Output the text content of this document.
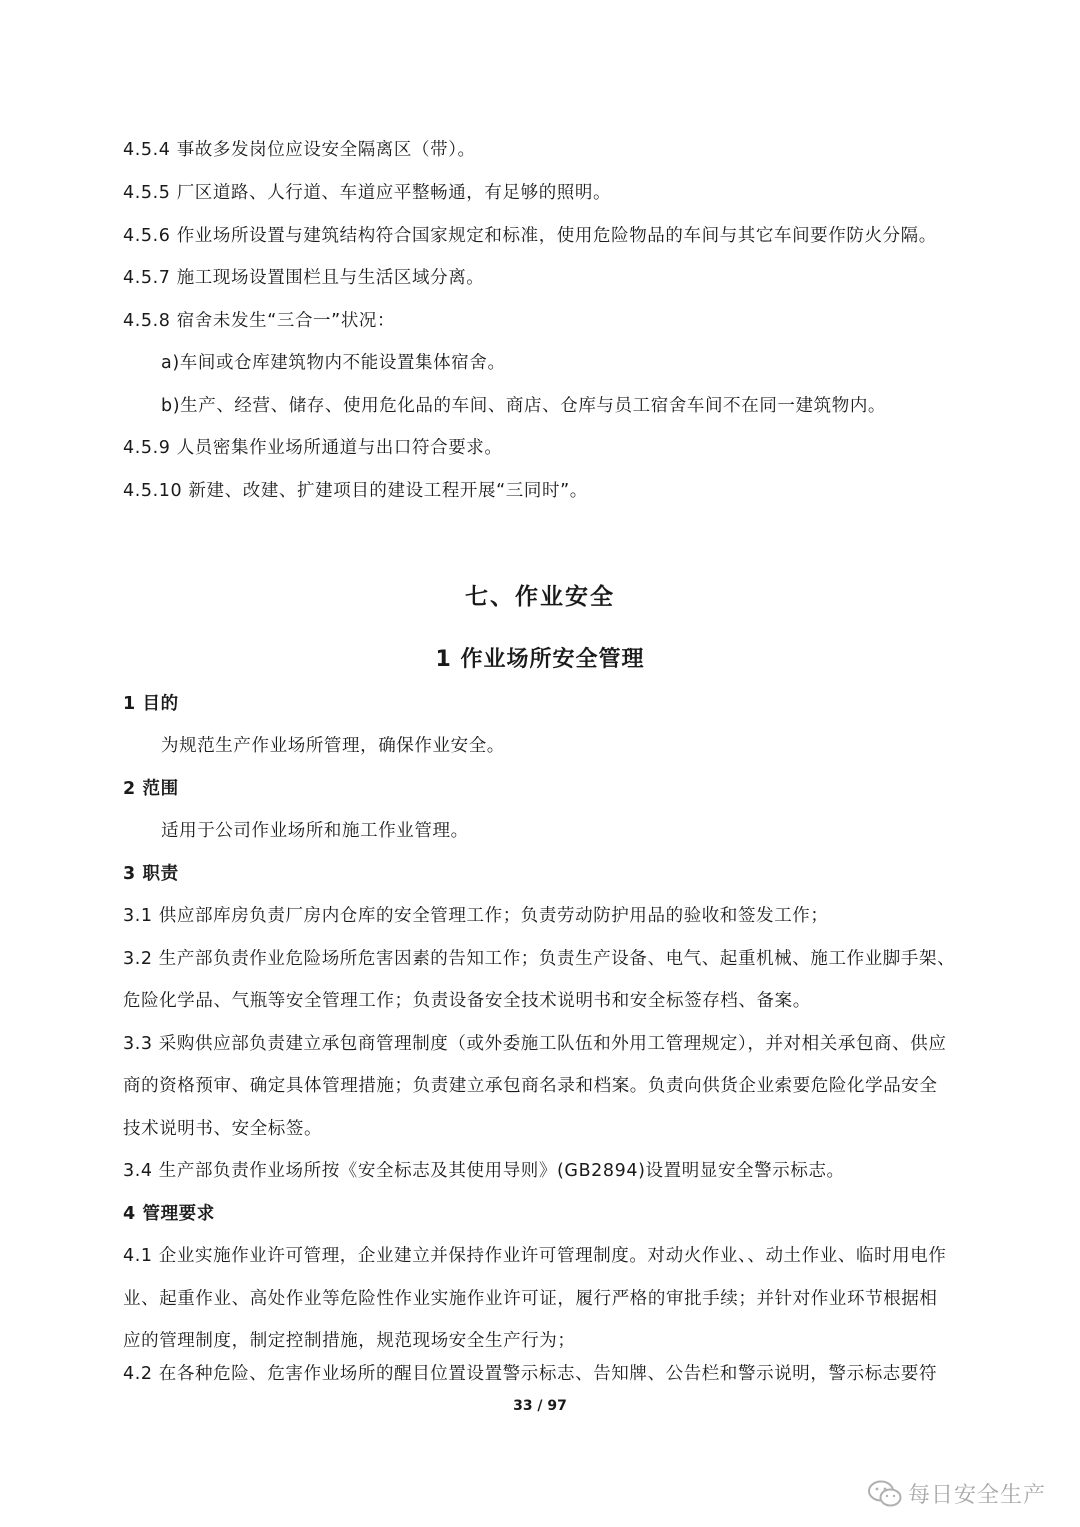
4.5.4 事故多发岗位应设安全隔离区（带）。
4.5.5 厂区道路、人行道、车道应平整畅通，有足够的照明。
4.5.6 作业场所设置与建筑结构符合国家规定和标准，使用危险物品的车间与其它车间要作防火分隔。
4.5.7 施工现场设置围栏且与生活区域分离。
4.5.8 宿舍未发生“三合一”状况：
a)车间或仓库建筑物内不能设置集体宿舍。
b)生产、经营、储存、使用危化品的车间、商店、仓库与员工宿舍车间不在同一建筑物内。
4.5.9 人员密集作业场所通道与出口符合要求。
4.5.10 新建、改建、扩建项目的建设工程开展“三同时”。
七、作业安全
1 作业场所安全管理
1 目的
为规范生产作业场所管理，确保作业安全。
2 范围
适用于公司作业场所和施工作业管理。
3 职责
3.1 供应部库房负责厂房内仓库的安全管理工作；负责劳动防护用品的验收和签发工作；
3.2 生产部负责作业危险场所危害因素的告知工作；负责生产设备、电气、起重机械、施工作业脚手架、
危险化学品、气瓶等安全管理工作；负责设备安全技术说明书和安全标签存档、备案。
3.3 采购供应部负责建立承包商管理制度（或外委施工队伍和外用工管理规定），并对相关承包商、供应
商的资格预审、确定具体管理措施；负责建立承包商名录和档案。负责向供货企业索要危险化学品安全
技术说明书、安全标签。
3.4 生产部负责作业场所按《安全标志及其使用导则》(GB2894)设置明显安全警示标志。
4 管理要求
4.1 企业实施作业许可管理，企业建立并保持作业许可管理制度。对动火作业、、动土作业、临时用电作
业、起重作业、高处作业等危险性作业实施作业许可证，履行严格的审批手续；并针对作业环节根据相
应的管理制度，制定控制措施，规范现场安全生产行为；
4.2 在各种危险、危害作业场所的醒目位置设置警示标志、告知牌、公告栏和警示说明，警示标志要符
33 / 97
每日安全生产
